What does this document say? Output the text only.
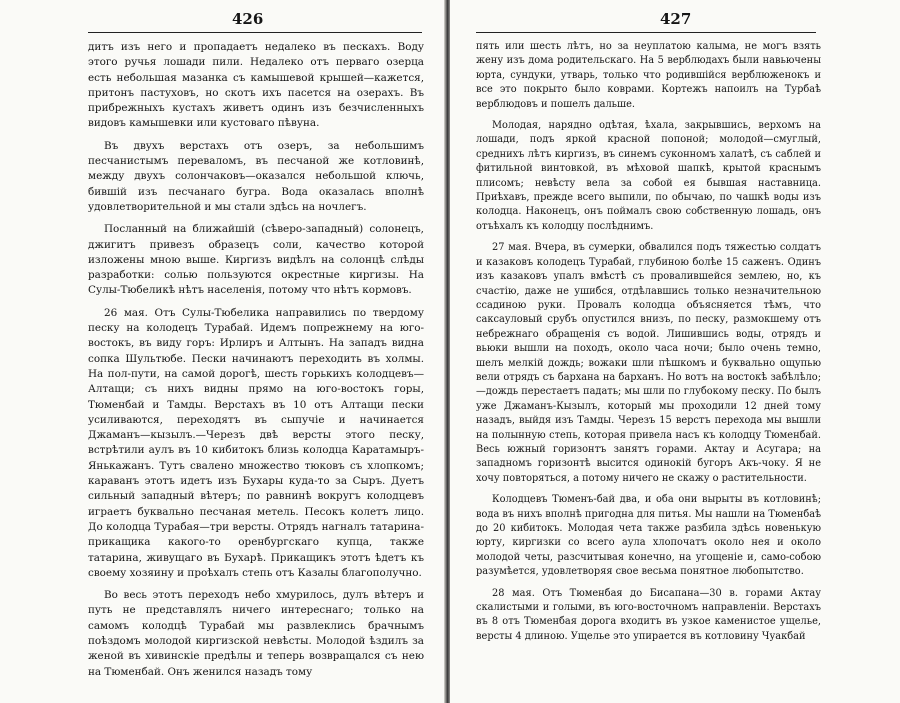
426

дитъ изъ него и пропадаетъ недалеко въ пескахъ. Воду этого ручья лошади пили. Недалеко отъ перваго озерца есть небольшая мазанка съ камышевой крышей—кажется, притонъ пастуховъ, но скотъ ихъ пасется на озерахъ. Въ прибрежныхъ кустахъ живетъ одинъ изъ безчисленныхъ видовъ камышевки или кустоваго пѣвуна.

Въ двухъ верстахъ отъ озеръ, за небольшимъ песчанистымъ переваломъ, въ песчаной же котловинѣ, между двухъ солончаковъ—оказался небольшой ключь, бившій изъ песчанаго бугра. Вода оказалась вполнѣ удовлетворительной и мы стали здѣсь на ночлегъ.

Посланный на ближайшій (сѣверо-западный) солонецъ, джигитъ привезъ образецъ соли, качество которой изложены мною выше. Киргизъ видѣлъ на солонцѣ слѣды разработки: солью пользуются окрестные киргизы. На Сулы-Тюбеликѣ нѣтъ населенія, потому что нѣтъ кормовъ.

26 мая. Отъ Сулы-Тюбелика направились по твердому песку на колодецъ Турабай. Идемъ попрежнему на юго-востокъ, въ виду горъ: Ирлиръ и Алтынъ. На западъ видна сопка Шультюбе. Пески начинаютъ переходить въ холмы. На пол-пути, на самой дорогѣ, шесть горькихъ колодцевъ—Алтащи; съ нихъ видны прямо на юго-востокъ горы, Тюменбай и Тамды. Верстахъ въ 10 отъ Алтащи пески усиливаются, переходятъ въ сыпучіе и начинается Джаманъ—кызылъ.—Черезъ двѣ версты этого песку, встрѣтили аулъ въ 10 кибитокъ близь колодца Каратамыръ-Янькажанъ. Тутъ свалено множество тюковъ съ хлопкомъ; караванъ этотъ идетъ изъ Бухары куда-то за Сыръ. Дуетъ сильный западный вѣтеръ; по равнинѣ вокругъ колодцевъ играетъ буквально песчаная метель. Песокъ колетъ лицо. До колодца Турабая—три версты. Отрядъ нагналъ татарина-прикащика какого-то оренбургскаго купца, также татарина, живущаго въ Бухарѣ. Прикащикъ этотъ ѣдетъ къ своему хозяину и проѣхалъ степь отъ Казалы благополучно.

Во весь этотъ переходъ небо хмурилось, дулъ вѣтеръ и путь не представлялъ ничего интереснаго; только на самомъ колодцѣ Турабай мы развлеклись брачнымъ поѣздомъ молодой киргизской невѣсты. Молодой ѣздилъ за женой въ хивинскіе предѣлы и теперь возвращался съ нею на Тюменбай. Онъ женился назадъ тому

427

пять или шесть лѣтъ, но за неуплатою калыма, не могъ взять жену изъ дома родительскаго. На 5 верблюдахъ были навьючены юрта, сундуки, утварь, только что родившійся верблюженокъ и все это покрыто было коврами. Кортежъ напоилъ на Турбаѣ верблюдовъ и пошелъ дальше.

Молодая, нарядно одѣтая, ѣхала, закрывшись, верхомъ на лошади, подъ яркой красной попоной; молодой—смуглый, среднихъ лѣтъ киргизъ, въ синемъ суконномъ халатѣ, съ саблей и фитильной винтовкой, въ мѣховой шапкѣ, крытой краснымъ плисомъ; невѣсту вела за собой ея бывшая наставница. Приѣхавъ, прежде всего выпили, по обычаю, по чашкѣ воды изъ колодца. Наконецъ, онъ поймалъ свою собственную лошадь, онъ отъѣхалъ къ колодцу послѣднимъ.

27 мая. Вчера, въ сумерки, обвалился подъ тяжестью солдатъ и казаковъ колодецъ Турабай, глубиною болѣе 15 саженъ. Одинъ изъ казаковъ упалъ вмѣстѣ съ провалившейся землею, но, къ счастію, даже не ушибся, отдѣлавшись только незначительною ссадиною руки. Провалъ колодца объясняется тѣмъ, что саксауловый срубъ опустился внизъ, по песку, размокшему отъ небрежнаго обращенія съ водой. Лишившись воды, отрядъ и вьюки вышли на походъ, около часа ночи; было очень темно, шелъ мелкій дождь; вожаки шли пѣшкомъ и буквально ощупью вели отрядъ съ бархана на барханъ. Но вотъ на востокѣ забѣлѣло;—дождь перестаетъ падать; мы шли по глубокому песку. По былъ уже Джаманъ-Кызылъ, который мы проходили 12 дней тому назадъ, выйдя изъ Тамды. Черезъ 15 верстъ перехода мы вышли на полынную степь, которая привела насъ къ колодцу Тюменбай. Весь южный горизонтъ занятъ горами. Актау и Асугара; на западномъ горизонтѣ высится одинокій бугоръ Акъ-чоку. Я не хочу повторяться, а потому ничего не скажу о растительности.

Колодцевъ Тюменъ-бай два, и оба они вырыты въ котловинѣ; вода въ нихъ вполнѣ пригодна для питья. Мы нашли на Тюменбаѣ до 20 кибитокъ. Молодая чета также разбила здѣсь новенькую юрту, киргизки со всего аула хлопочатъ около нея и около молодой четы, разсчитывая конечно, на угощеніе и, само-собою разумѣется, удовлетворяя свое весьма понятное любопытство.

28 мая. Отъ Тюменбая до Бисапана—30 в. горами Актау скалистыми и голыми, въ юго-восточномъ направленіи. Верстахъ въ 8 отъ Тюменбая дорога входитъ въ узкое каменистое ущелье, версты 4 длиною. Ущелье это упирается въ котловину Чуакбай
